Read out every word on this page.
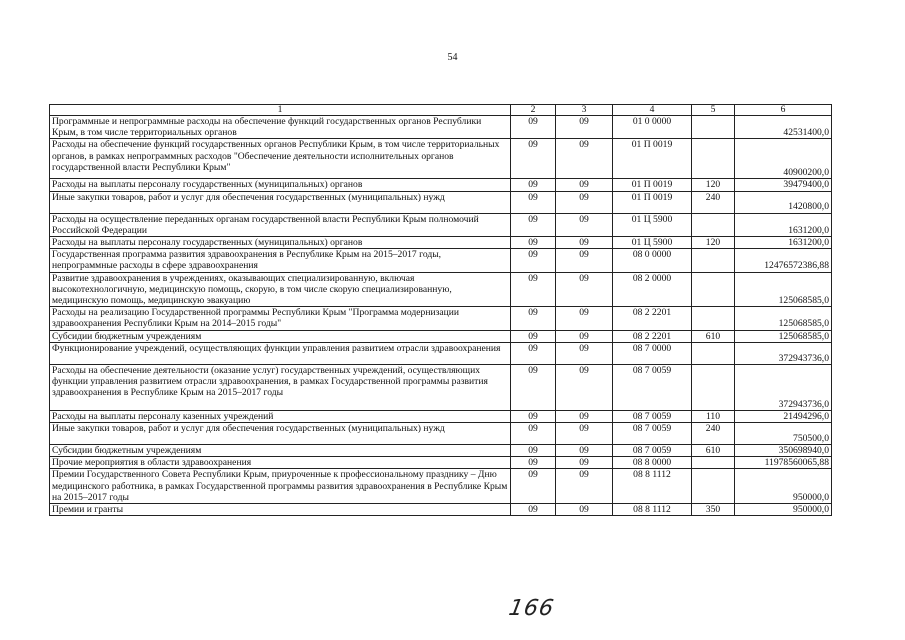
54
1	2	3	4	5	6
Программные и непрограммные расходы на обеспечение функций государственных органов Республики Крым, в том числе территориальных органов	09	09	01 0 0000		42531400,0
Расходы на обеспечение функций государственных органов Республики Крым, в том числе территориальных органов, в рамках непрограммных расходов "Обеспечение деятельности исполнительных органов государственной власти Республики Крым"	09	09	01 П 0019		40900200,0
Расходы на выплаты персоналу государственных (муниципальных) органов	09	09	01 П 0019	120	39479400,0
Иные закупки товаров, работ и услуг для обеспечения государственных (муниципальных) нужд	09	09	01 П 0019	240	1420800,0
Расходы на осуществление переданных органам государственной власти Республики Крым полномочий Российской Федерации	09	09	01 Ц 5900		1631200,0
Расходы на выплаты персоналу государственных (муниципальных) органов	09	09	01 Ц 5900	120	1631200,0
Государственная программа развития здравоохранения в Республике Крым на 2015–2017 годы, непрограммные расходы в сфере здравоохранения	09	09	08 0 0000		12476572386,88
Развитие здравоохранения в учреждениях, оказывающих специализированную, включая высокотехнологичную, медицинскую помощь, скорую, в том числе скорую специализированную, медицинскую помощь, медицинскую эвакуацию	09	09	08 2 0000		125068585,0
Расходы на реализацию Государственной программы Республики Крым "Программа модернизации здравоохранения Республики Крым на 2014–2015 годы"	09	09	08 2 2201		125068585,0
Субсидии бюджетным учреждениям	09	09	08 2 2201	610	125068585,0
Функционирование учреждений, осуществляющих функции управления развитием отрасли здравоохранения	09	09	08 7 0000		372943736,0
Расходы на обеспечение деятельности (оказание услуг) государственных учреждений, осуществляющих функции управления развитием отрасли здравоохранения, в рамках Государственной программы развития здравоохранения в Республике Крым на 2015–2017 годы	09	09	08 7 0059		372943736,0
Расходы на выплаты персоналу казенных учреждений	09	09	08 7 0059	110	21494296,0
Иные закупки товаров, работ и услуг для обеспечения государственных (муниципальных) нужд	09	09	08 7 0059	240	750500,0
Субсидии бюджетным учреждениям	09	09	08 7 0059	610	350698940,0
Прочие мероприятия в области здравоохранения	09	09	08 8 0000		11978560065,88
Премии Государственного Совета Республики Крым, приуроченные к профессиональному празднику – Дню медицинского работника, в рамках Государственной программы развития здравоохранения в Республике Крым на 2015–2017 годы	09	09	08 8 1112		950000,0
Премии и гранты	09	09	08 8 1112	350	950000,0
166
